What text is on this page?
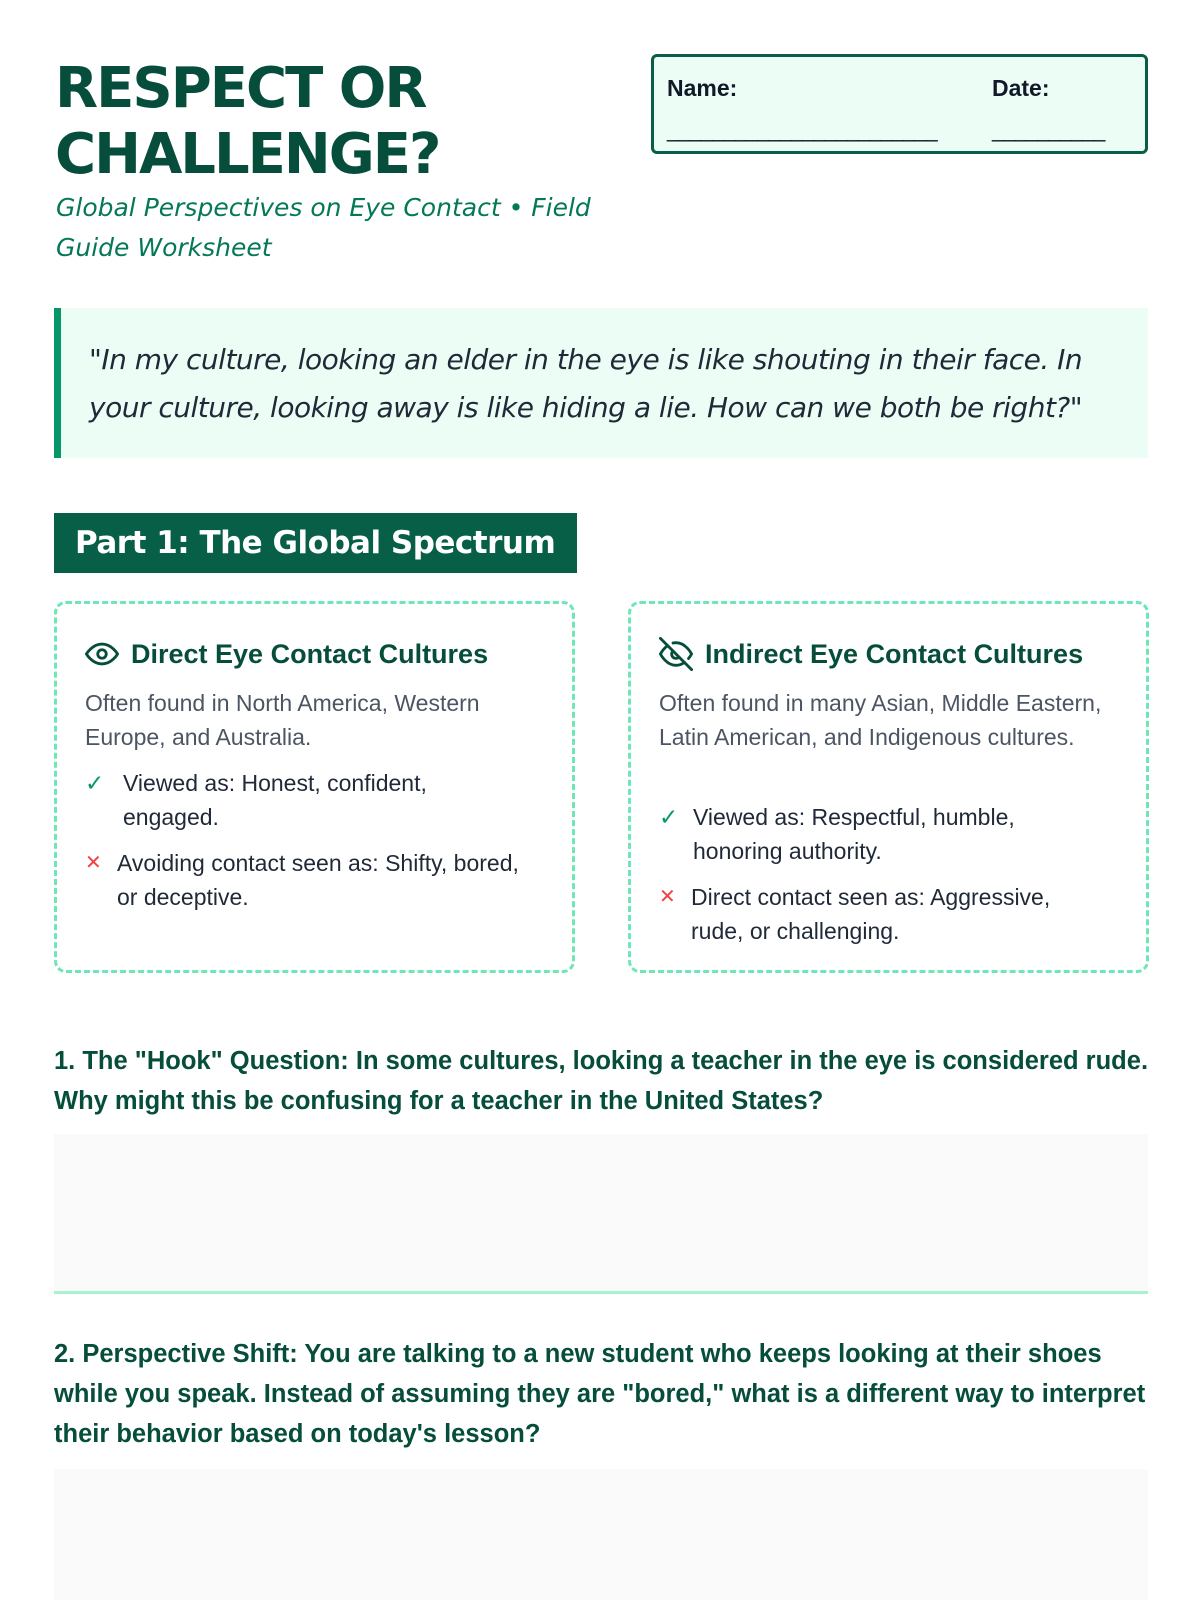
RESPECT OR
CHALLENGE?
Global Perspectives on Eye Contact • Field Guide Worksheet
Name:
________________________
Date:
__________
"In my culture, looking an elder in the eye is like shouting in their face. In your culture, looking away is like hiding a lie. How can we both be right?"
Part 1: The Global Spectrum
Direct Eye Contact Cultures
Often found in North America, Western Europe, and Australia.
✓ Viewed as: Honest, confident, engaged.
✕ Avoiding contact seen as: Shifty, bored, or deceptive.
Indirect Eye Contact Cultures
Often found in many Asian, Middle Eastern, Latin American, and Indigenous cultures.
✓ Viewed as: Respectful, humble, honoring authority.
✕ Direct contact seen as: Aggressive, rude, or challenging.
1. The "Hook" Question: In some cultures, looking a teacher in the eye is considered rude. Why might this be confusing for a teacher in the United States?
2. Perspective Shift: You are talking to a new student who keeps looking at their shoes while you speak. Instead of assuming they are "bored," what is a different way to interpret their behavior based on today's lesson?
